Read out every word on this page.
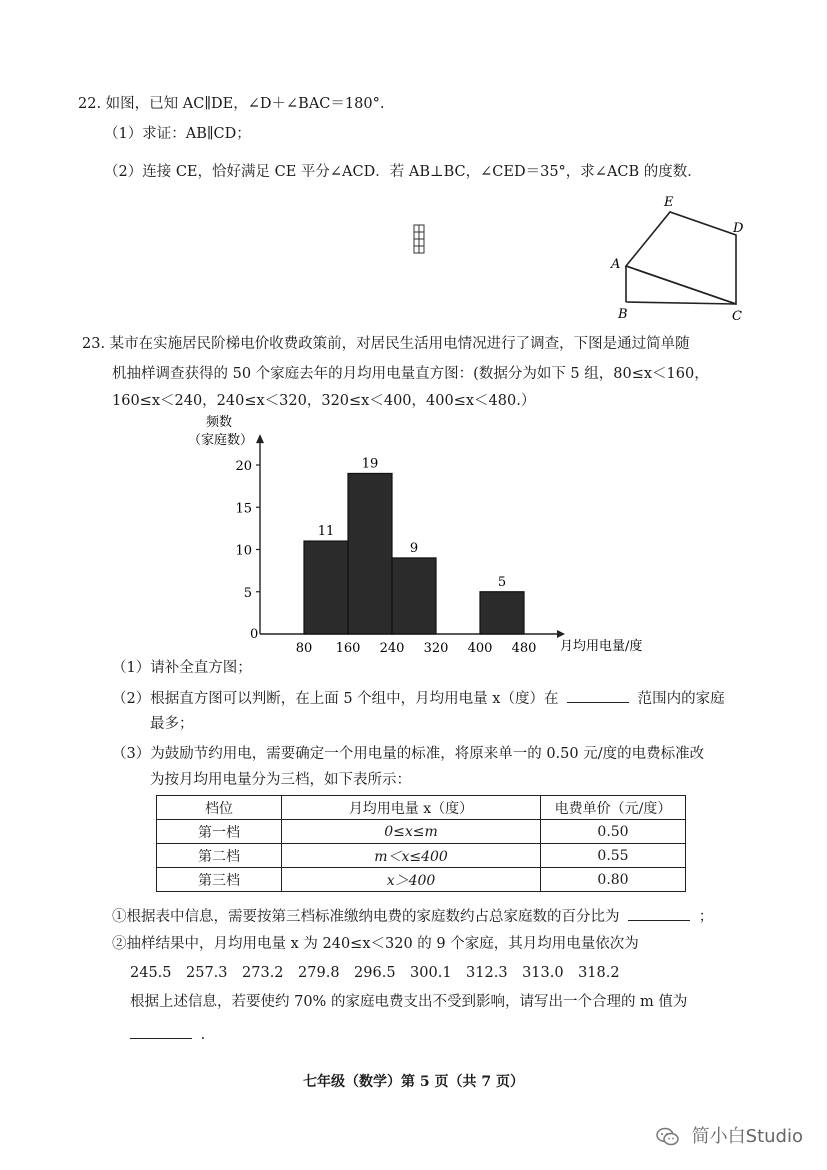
22. 如图，已知 AC∥DE，∠D＋∠BAC＝180°.
（1）求证：AB∥CD；
（2）连接 CE，恰好满足 CE 平分∠ACD．若 AB⊥BC，∠CED＝35°，求∠ACB 的度数．
E
D
A
B	C
23. 某市在实施居民阶梯电价收费政策前，对居民生活用电情况进行了调查，下图是通过简单随
机抽样调查获得的 50 个家庭去年的月均用电量直方图：(数据分为如下 5 组，80≤x＜160，
160≤x＜240，240≤x＜320，320≤x＜400，400≤x＜480.）
频数
（家庭数）
月均用电量/度
0
5
10
15
20
80 160 240 320 400 480
11
19
9
5
（1）请补全直方图；
（2）根据直方图可以判断，在上面 5 个组中，月均用电量 x（度）在	范围内的家庭
最多；
（3）为鼓励节约用电，需要确定一个用电量的标准，将原来单一的 0.50 元/度的电费标准改
为按月均用电量分为三档，如下表所示：
档位	月均用电量 x（度）	电费单价（元/度）
第一档	0≤x≤m	0.50
第二档	m＜x≤400	0.55
第三档	x＞400	0.80
①根据表中信息，需要按第三档标准缴纳电费的家庭数约占总家庭数的百分比为	；
②抽样结果中，月均用电量 x 为 240≤x＜320 的 9 个家庭，其月均用电量依次为
245.5　257.3　273.2　279.8　296.5　300.1　312.3　313.0　318.2
根据上述信息，若要使约 70% 的家庭电费支出不受到影响，请写出一个合理的 m 值为
.
七年级（数学）第 5 页（共 7 页）
简小白Studio
